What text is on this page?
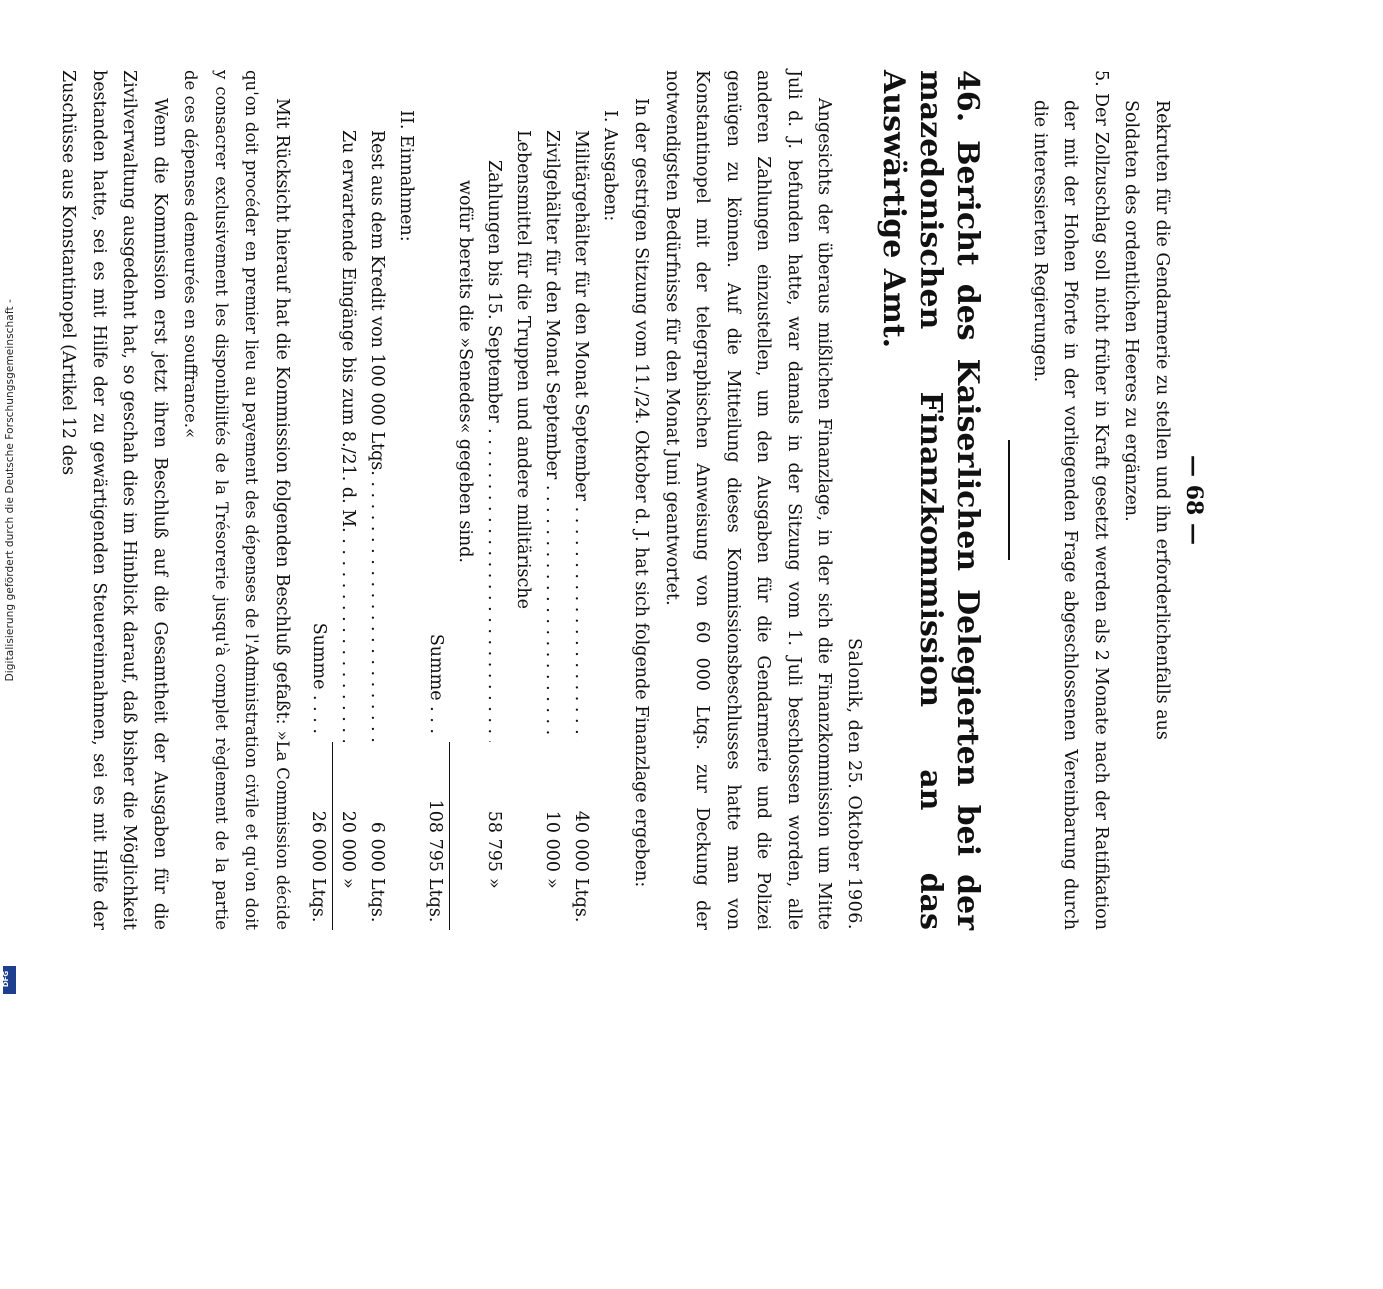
Digitalisierung gefördert durch die Deutsche Forschungsgemeinschaft -
DFG
— 68 —
Rekruten für die Gendarmerie zu stellen und ihn erforderlichenfalls aus
Soldaten des ordentlichen Heeres zu ergänzen.

5. Der Zollzuschlag soll nicht früher in Kraft gesetzt werden als 2 Monate nach der Ratifikation der mit der Hohen Pforte in der vorliegenden Frage abgeschlossenen Vereinbarung durch die interessierten Regierungen.

46. Bericht des Kaiserlichen Delegierten bei der mazedonischen Finanzkommission an das Auswärtige Amt.
Salonik, den 25. Oktober 1906.

Angesichts der überaus mißlichen Finanzlage, in der sich die Finanzkommission um Mitte Juli d. J. befunden hatte, war damals in der Sitzung vom 1. Juli beschlossen worden, alle anderen Zahlungen einzustellen, um den Ausgaben für die Gendarmerie und die Polizei genügen zu können. Auf die Mitteilung dieses Kommissionsbeschlusses hatte man von Konstantinopel mit der telegraphischen Anweisung von 60 000 Ltqs. zur Deckung der notwendigsten Bedürfnisse für den Monat Juni geantwortet.

In der gestrigen Sitzung vom 11./24. Oktober d. J. hat sich folgende Finanzlage ergeben:

I. Ausgaben:
Militärgehälter für den Monat September . . .
40 000
Ltqs.
Zivilgehälter für den Monat September . . .
10 000
»
Lebensmittel für die Truppen und andere militärische
Zahlungen bis 15. September . . .
58 795
»
wofür bereits die »Senedes« gegeben sind.
Summe . . .
108 795
Ltqs.
II. Einnahmen:
Rest aus dem Kredit von 100 000 Ltqs. . . .
6 000
Ltqs.
Zu erwartende Eingänge bis zum 8./21. d. M. . . .
20 000
»
Summe . . . .
26 000
Ltqs.

Mit Rücksicht hierauf hat die Kommission folgenden Beschluß gefaßt: »La Commission décide qu'on doit procéder en premier lieu au payement des dépenses de l'Administration civile et qu'on doit y consacrer exclusivement les disponibilités de la Trésorerie jusqu'à complet règlement de la partie de ces dépenses demeurées en souffrance.«

Wenn die Kommission erst jetzt ihren Beschluß auf die Gesamtheit der Ausgaben für die Zivilverwaltung ausgedehnt hat, so geschah dies im Hinblick darauf, daß bisher die Möglichkeit bestanden hatte, sei es mit Hilfe der zu gewärtigenden Steuereinnahmen, sei es mit Hilfe der Zuschüsse aus Konstantinopel (Artikel 12 des
